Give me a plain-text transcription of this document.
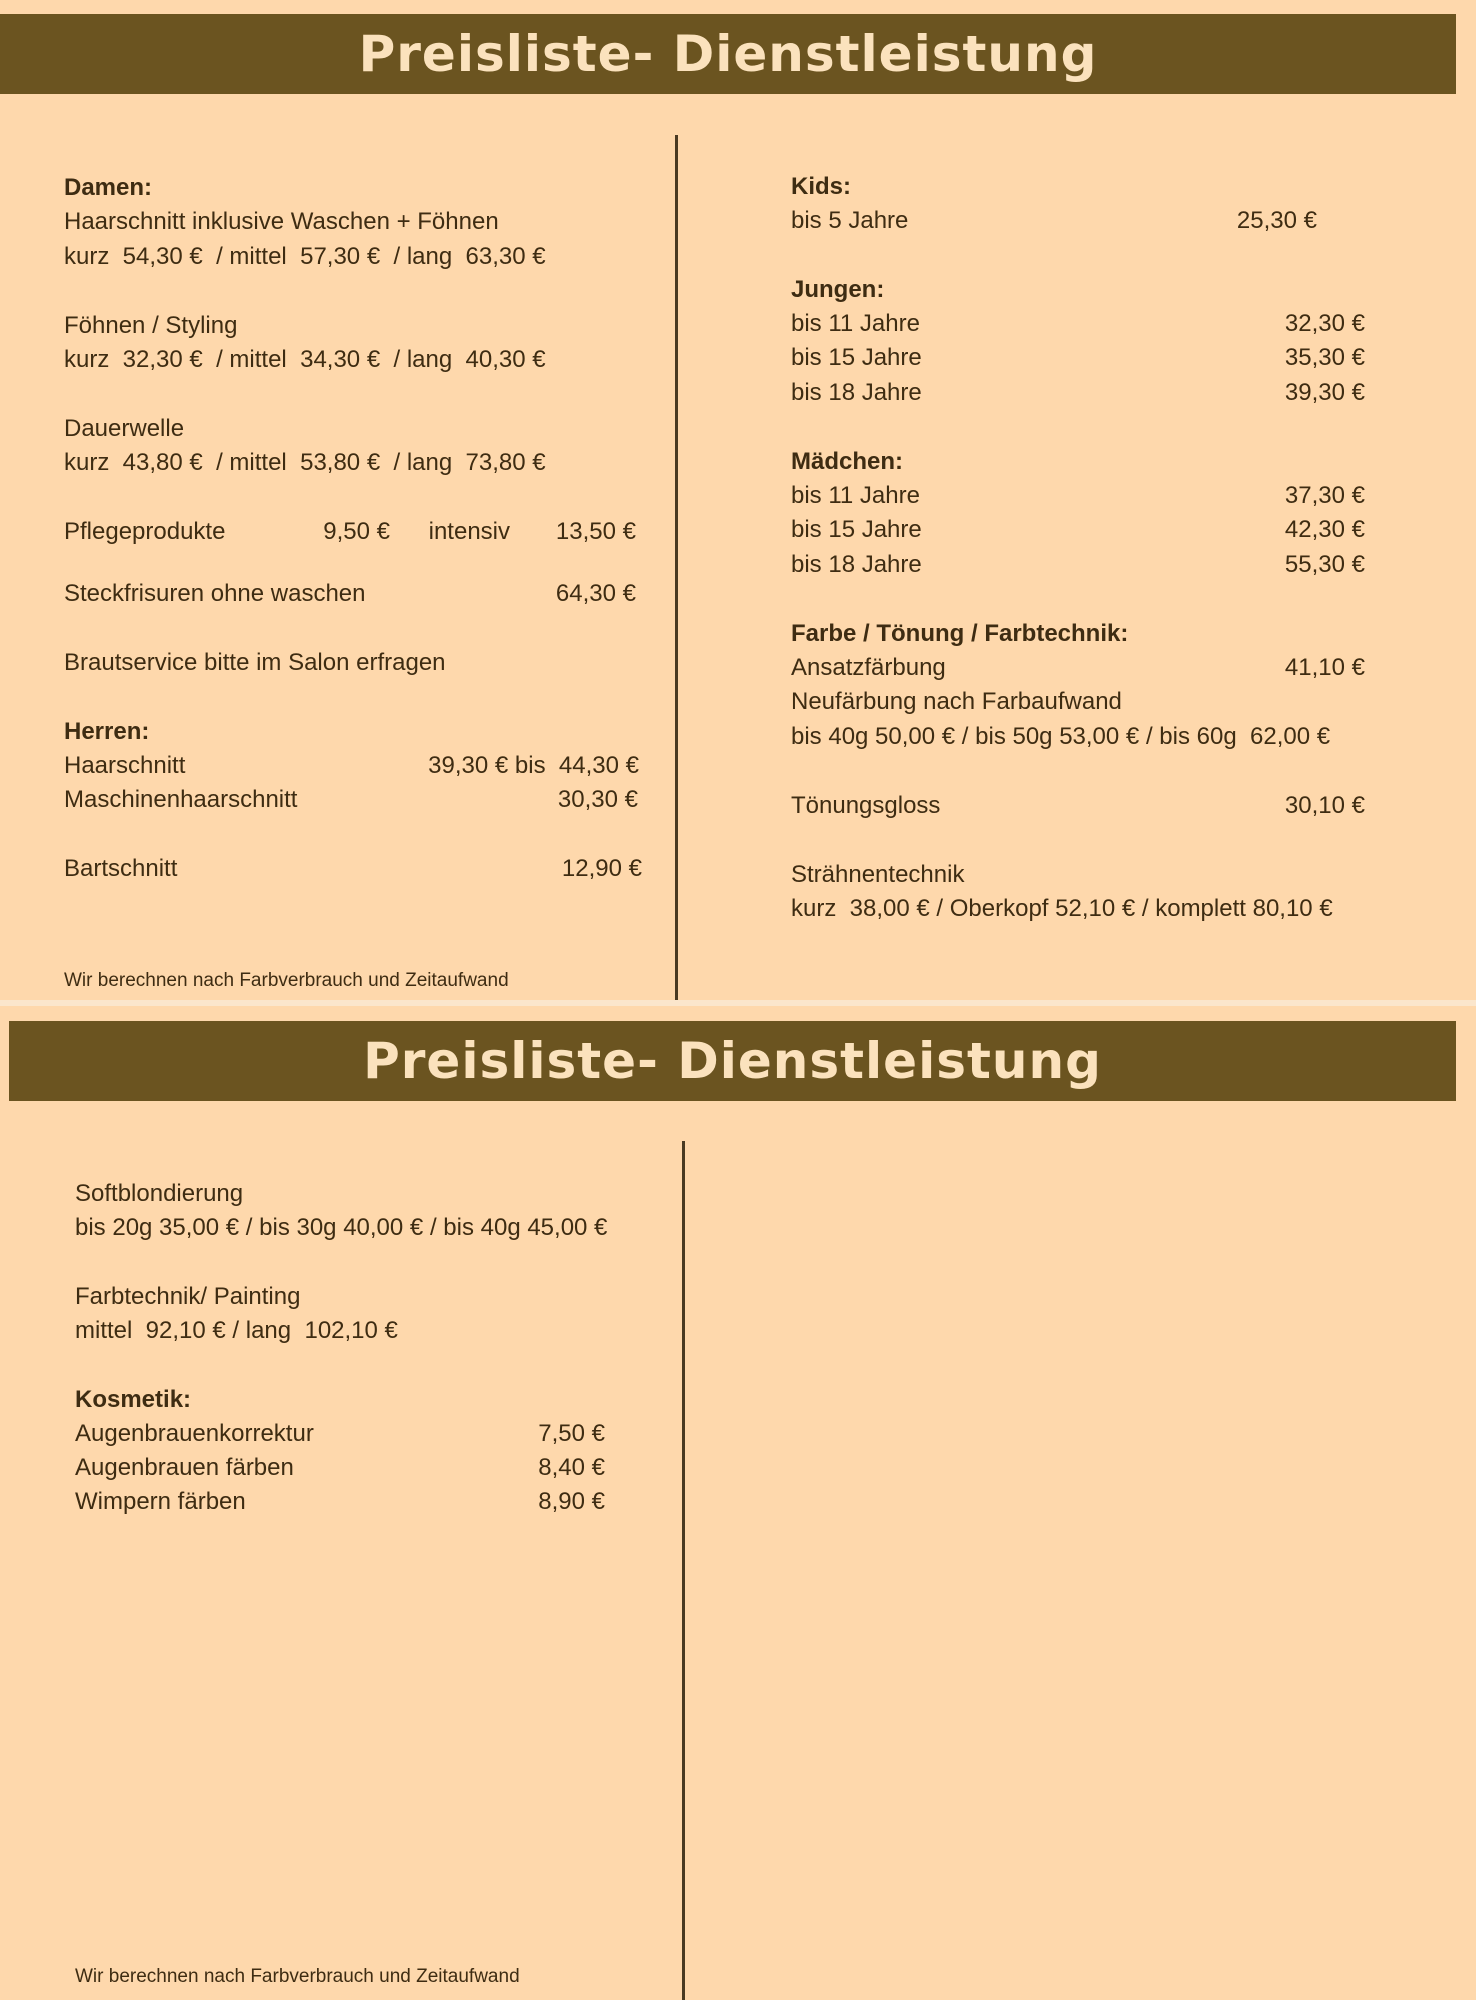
Preisliste- Dienstleistung
Damen:
Haarschnitt inklusive Waschen + Föhnen
kurz  54,30 €  / mittel  57,30 €  / lang  63,30 €
Föhnen / Styling
kurz  32,30 €  / mittel  34,30 €  / lang  40,30 €
Dauerwelle
kurz  43,80 €  / mittel  53,80 €  / lang  73,80 €
Pflegeprodukte	9,50 €	intensiv	13,50 €
Steckfrisuren ohne waschen	64,30 €
Brautservice bitte im Salon erfragen
Herren:
Haarschnitt	39,30 € bis  44,30 €
Maschinenhaarschnitt	30,30 €
Bartschnitt	12,90 €
Wir berechnen nach Farbverbrauch und Zeitaufwand
Kids:
bis 5 Jahre	25,30 €
Jungen:
bis 11 Jahre	32,30 €
bis 15 Jahre	35,30 €
bis 18 Jahre	39,30 €
Mädchen:
bis 11 Jahre	37,30 €
bis 15 Jahre	42,30 €
bis 18 Jahre	55,30 €
Farbe / Tönung / Farbtechnik:
Ansatzfärbung	41,10 €
Neufärbung nach Farbaufwand
bis 40g 50,00 € / bis 50g 53,00 € / bis 60g  62,00 €
Tönungsgloss	30,10 €
Strähnentechnik
kurz  38,00 € / Oberkopf 52,10 € / komplett 80,10 €
Preisliste- Dienstleistung
Softblondierung
bis 20g 35,00 € / bis 30g 40,00 € / bis 40g 45,00 €
Farbtechnik/ Painting
mittel  92,10 € / lang  102,10 €
Kosmetik:
Augenbrauenkorrektur	7,50 €
Augenbrauen färben	8,40 €
Wimpern färben	8,90 €
Wir berechnen nach Farbverbrauch und Zeitaufwand
